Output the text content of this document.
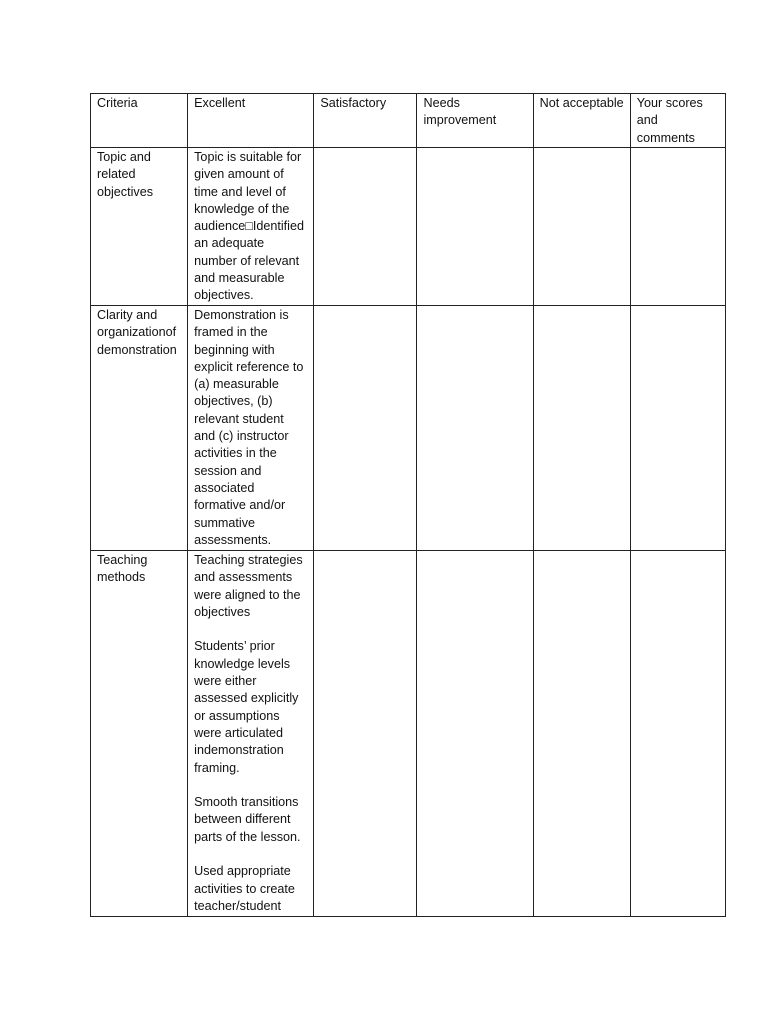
Criteria	Excellent	Satisfactory	Needs improvement	Not acceptable	Your scores and comments
Topic and related objectives	Topic is suitable for given amount of time and level of knowledge of the audience□Identified an adequate number of relevant and measurable objectives.				
Clarity and organizationof demonstration	Demonstration is framed in the beginning with explicit reference to (a) measurable objectives, (b) relevant student and (c) instructor activities in the session and associated formative and/or summative assessments.				
Teaching methods	Teaching strategies and assessments were aligned to the objectives
Students’ prior knowledge levels were either assessed explicitly or assumptions were articulated indemonstration framing.
Smooth transitions between different parts of the lesson.
Used appropriate activities to create teacher/student				
